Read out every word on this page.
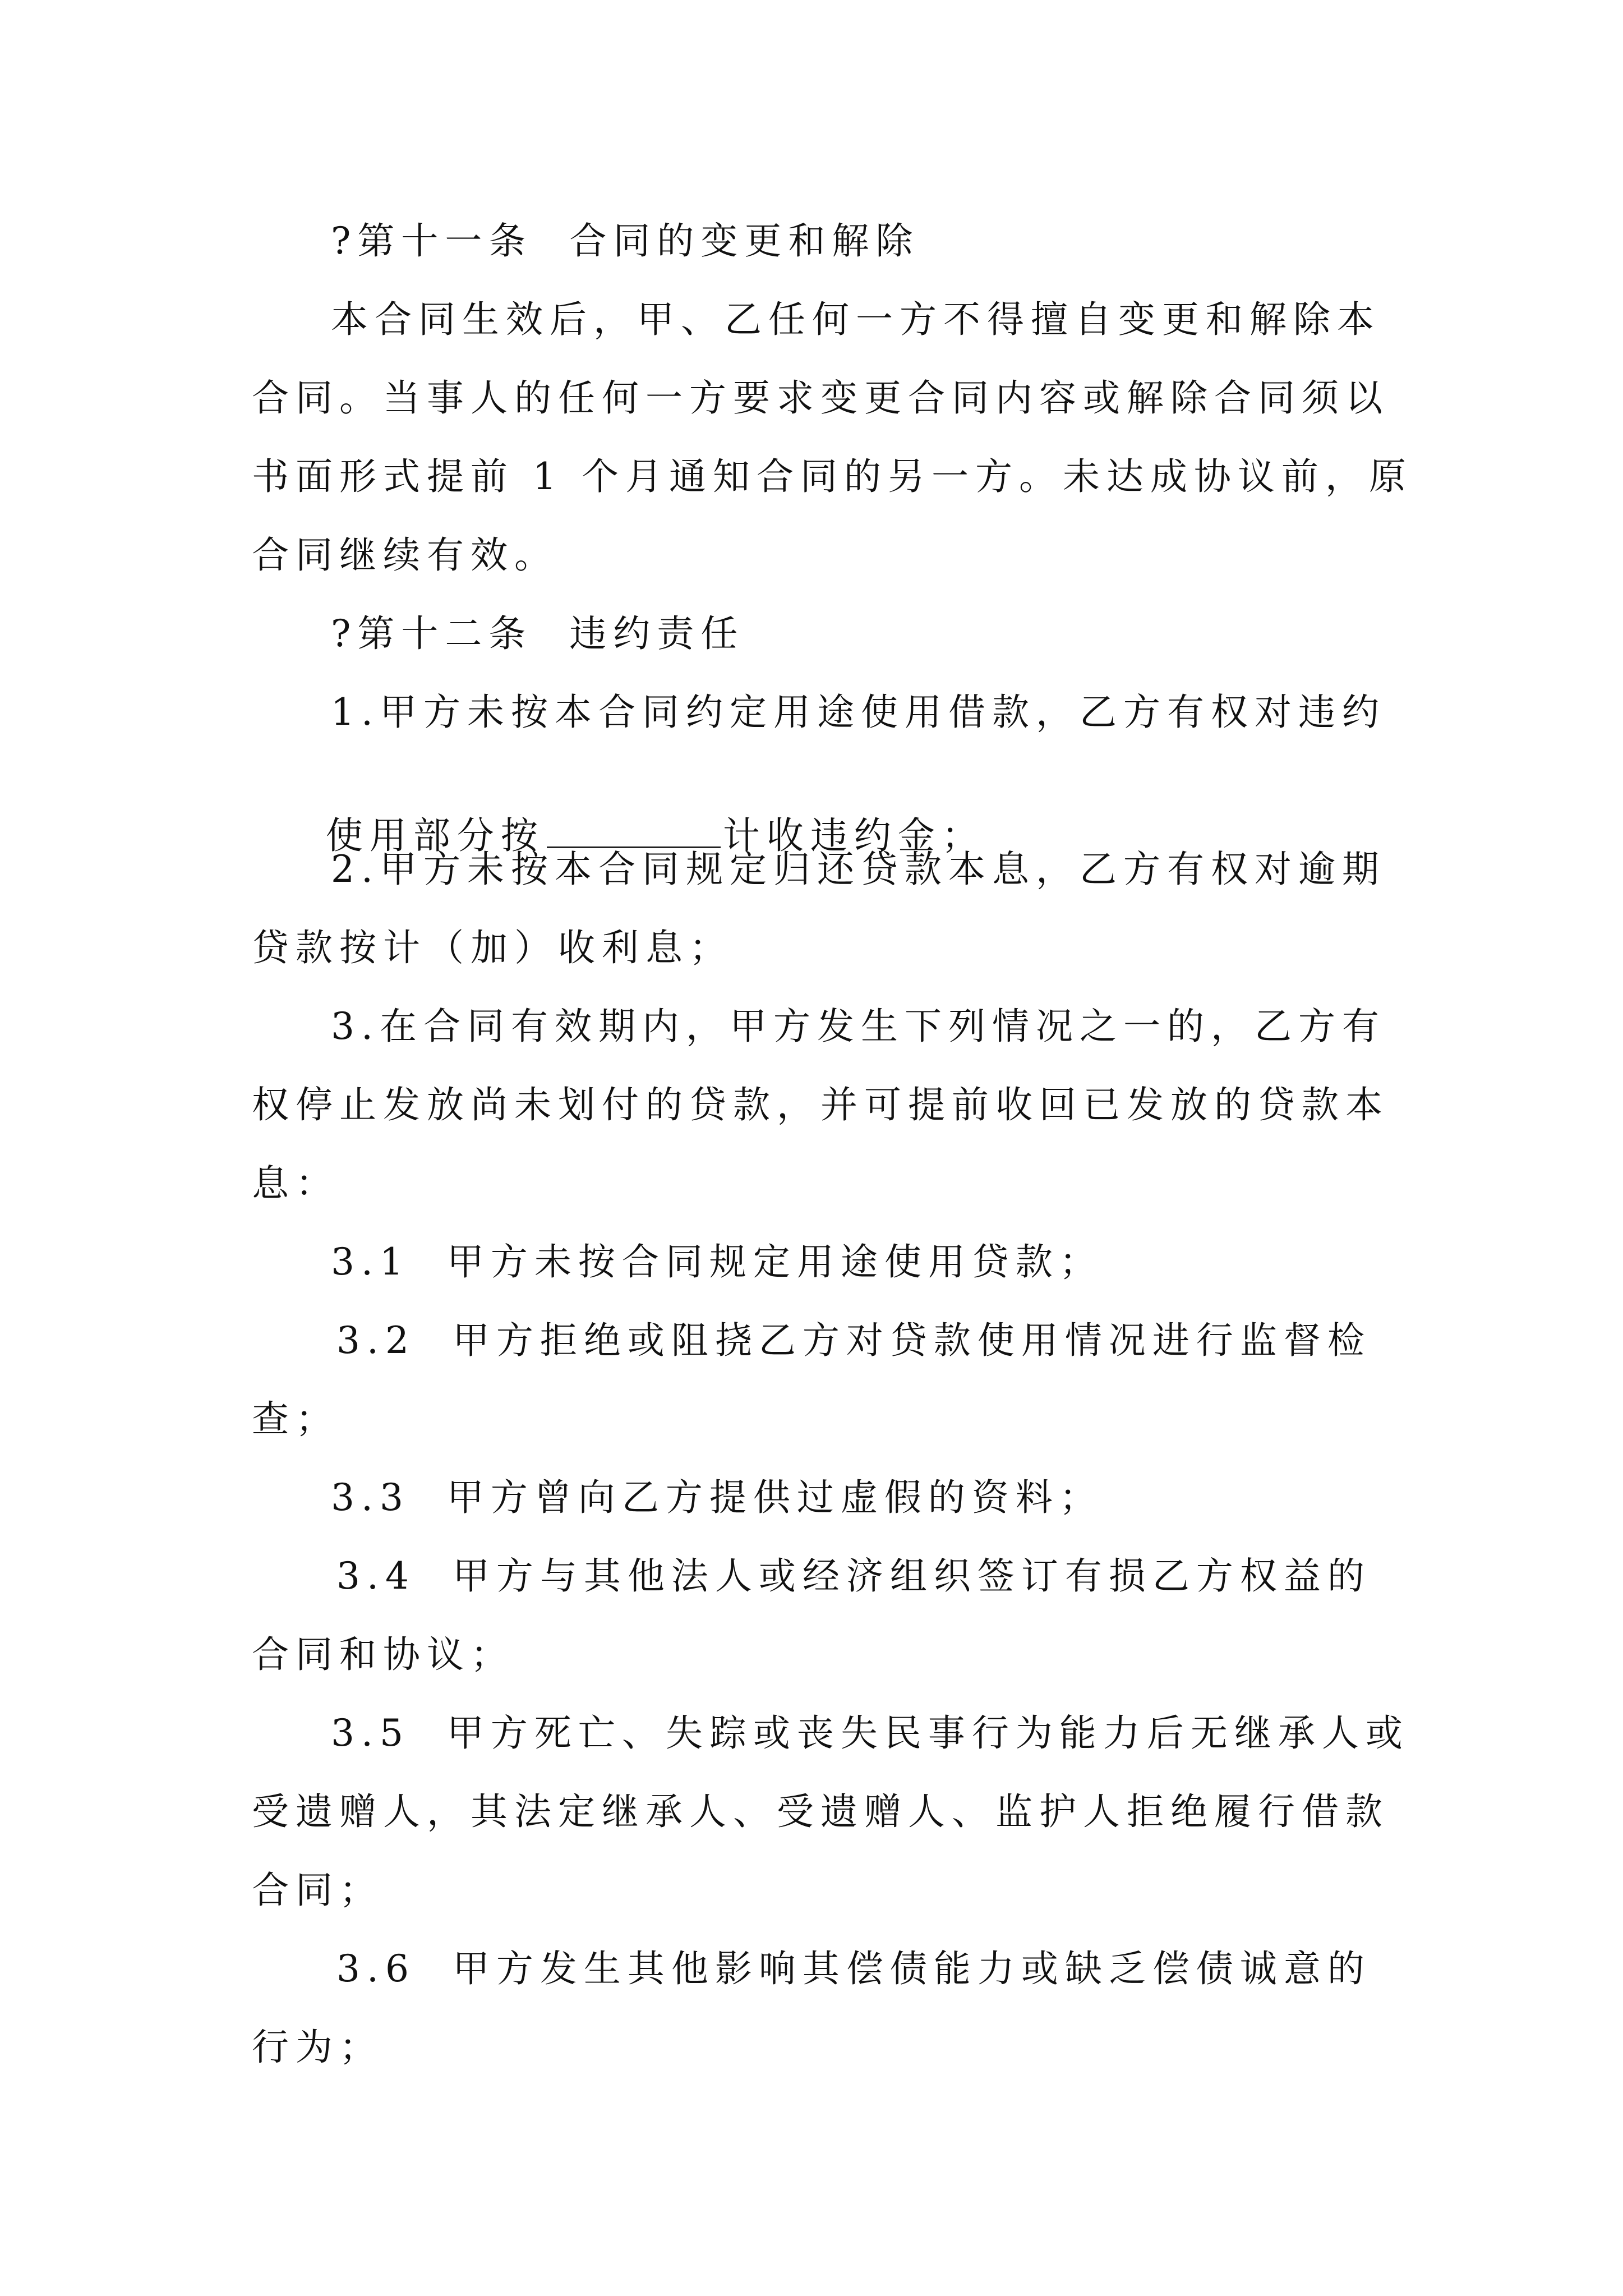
?第十一条  合同的变更和解除
本合同生效后，甲、乙任何一方不得擅自变更和解除本
合同。当事人的任何一方要求变更合同内容或解除合同须以
书面形式提前 1 个月通知合同的另一方。未达成协议前，原
合同继续有效。
?第十二条  违约责任
1.甲方未按本合同约定用途使用借款，乙方有权对违约

使用部分按	计收违约金；

2.甲方未按本合同规定归还贷款本息，乙方有权对逾期
贷款按计（加）收利息；
3.在合同有效期内，甲方发生下列情况之一的，乙方有
权停止发放尚未划付的贷款，并可提前收回已发放的贷款本
息：
3.1  甲方未按合同规定用途使用贷款；
3.2  甲方拒绝或阻挠乙方对贷款使用情况进行监督检
查；
3.3  甲方曾向乙方提供过虚假的资料；
3.4  甲方与其他法人或经济组织签订有损乙方权益的
合同和协议；
3.5  甲方死亡、失踪或丧失民事行为能力后无继承人或
受遗赠人，其法定继承人、受遗赠人、监护人拒绝履行借款
合同；
3.6  甲方发生其他影响其偿债能力或缺乏偿债诚意的
行为；
